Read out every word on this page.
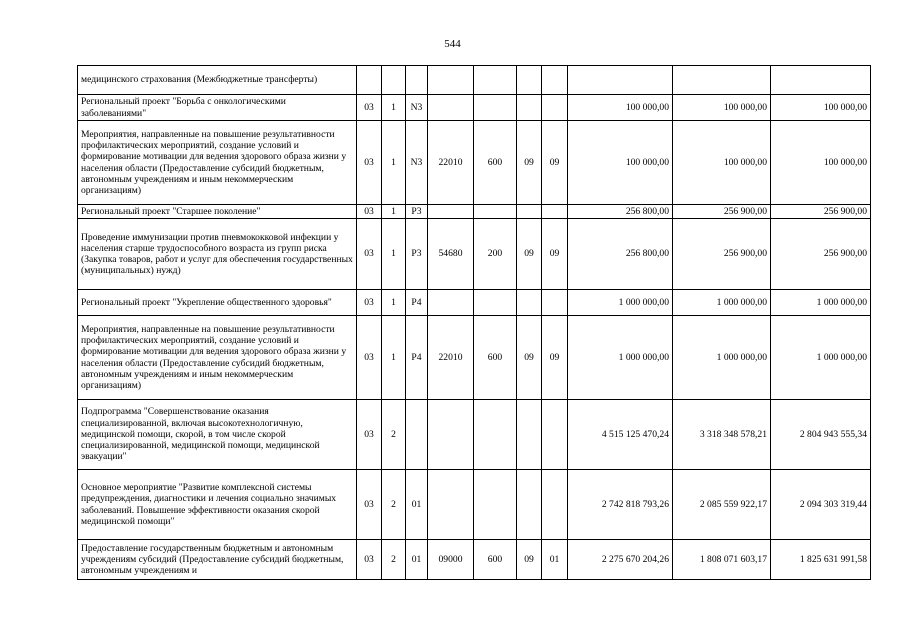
544
медицинского страхования (Межбюджетные трансферты)										
Региональный проект "Борьба с онкологическими заболеваниями"	03	1	N3					100 000,00	100 000,00	100 000,00
Мероприятия, направленные на повышение результативности профилактических мероприятий, создание условий и формирование мотивации для ведения здорового образа жизни у населения области (Предоставление субсидий бюджетным, автономным учреждениям и иным некоммерческим организациям)	03	1	N3	22010	600	09	09	100 000,00	100 000,00	100 000,00
Региональный проект "Старшее поколение"	03	1	P3					256 800,00	256 900,00	256 900,00
Проведение иммунизации против пневмококковой инфекции у населения старше трудоспособного возраста из групп риска (Закупка товаров, работ и услуг для обеспечения государственных (муниципальных) нужд)	03	1	P3	54680	200	09	09	256 800,00	256 900,00	256 900,00
Региональный проект "Укрепление общественного здоровья"	03	1	P4					1 000 000,00	1 000 000,00	1 000 000,00
Мероприятия, направленные на повышение результативности профилактических мероприятий, создание условий и формирование мотивации для ведения здорового образа жизни у населения области (Предоставление субсидий бюджетным, автономным учреждениям и иным некоммерческим организациям)	03	1	P4	22010	600	09	09	1 000 000,00	1 000 000,00	1 000 000,00
Подпрограмма "Совершенствование оказания специализированной, включая высокотехнологичную, медицинской помощи, скорой, в том числе скорой специализированной, медицинской помощи, медицинской эвакуации"	03	2						4 515 125 470,24	3 318 348 578,21	2 804 943 555,34
Основное мероприятие "Развитие комплексной системы предупреждения, диагностики и лечения социально значимых заболеваний. Повышение эффективности оказания скорой медицинской помощи"	03	2	01					2 742 818 793,26	2 085 559 922,17	2 094 303 319,44
Предоставление государственным бюджетным и автономным учреждениям субсидий (Предоставление субсидий бюджетным, автономным учреждениям и	03	2	01	09000	600	09	01	2 275 670 204,26	1 808 071 603,17	1 825 631 991,58
